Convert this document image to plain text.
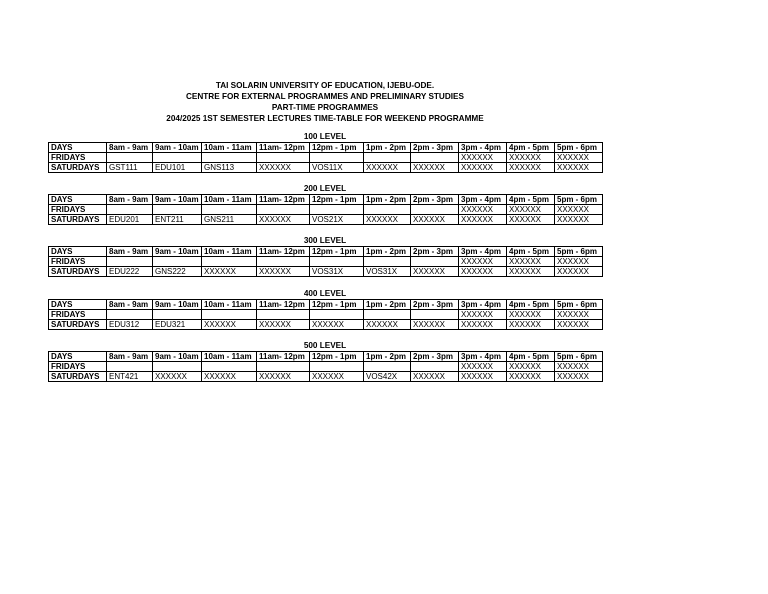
TAI SOLARIN UNIVERSITY OF EDUCATION, IJEBU-ODE.
CENTRE FOR EXTERNAL PROGRAMMES AND PRELIMINARY STUDIES
PART-TIME PROGRAMMES
204/2025 1ST SEMESTER LECTURES TIME-TABLE FOR WEEKEND PROGRAMME
100 LEVEL
DAYS	8am - 9am	9am - 10am	10am - 11am	11am- 12pm	12pm - 1pm	1pm - 2pm	2pm - 3pm	3pm - 4pm	4pm - 5pm	5pm - 6pm
FRIDAYS								XXXXXX	XXXXXX	XXXXXX
SATURDAYS	GST111	EDU101	GNS113	XXXXXX	VOS11X	XXXXXX	XXXXXX	XXXXXX	XXXXXX	XXXXXX
200 LEVEL
DAYS	8am - 9am	9am - 10am	10am - 11am	11am- 12pm	12pm - 1pm	1pm - 2pm	2pm - 3pm	3pm - 4pm	4pm - 5pm	5pm - 6pm
FRIDAYS								XXXXXX	XXXXXX	XXXXXX
SATURDAYS	EDU201	ENT211	GNS211	XXXXXX	VOS21X	XXXXXX	XXXXXX	XXXXXX	XXXXXX	XXXXXX
300 LEVEL
DAYS	8am - 9am	9am - 10am	10am - 11am	11am- 12pm	12pm - 1pm	1pm - 2pm	2pm - 3pm	3pm - 4pm	4pm - 5pm	5pm - 6pm
FRIDAYS								XXXXXX	XXXXXX	XXXXXX
SATURDAYS	EDU222	GNS222	XXXXXX	XXXXXX	VOS31X	VOS31X	XXXXXX	XXXXXX	XXXXXX	XXXXXX
400 LEVEL
DAYS	8am - 9am	9am - 10am	10am - 11am	11am- 12pm	12pm - 1pm	1pm - 2pm	2pm - 3pm	3pm - 4pm	4pm - 5pm	5pm - 6pm
FRIDAYS								XXXXXX	XXXXXX	XXXXXX
SATURDAYS	EDU312	EDU321	XXXXXX	XXXXXX	XXXXXX	XXXXXX	XXXXXX	XXXXXX	XXXXXX	XXXXXX
500 LEVEL
DAYS	8am - 9am	9am - 10am	10am - 11am	11am- 12pm	12pm - 1pm	1pm - 2pm	2pm - 3pm	3pm - 4pm	4pm - 5pm	5pm - 6pm
FRIDAYS								XXXXXX	XXXXXX	XXXXXX
SATURDAYS	ENT421	XXXXXX	XXXXXX	XXXXXX	XXXXXX	VOS42X	XXXXXX	XXXXXX	XXXXXX	XXXXXX
